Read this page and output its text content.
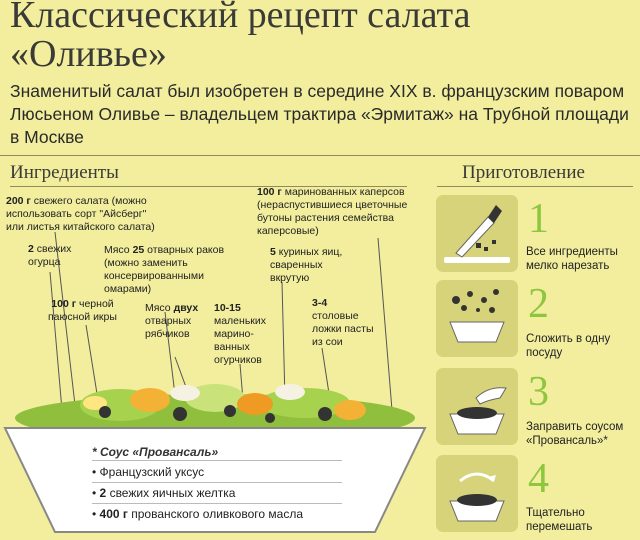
Классический рецепт салата
«Оливье»
Знаменитый салат был изобретен в середине XIX в. французским поваром Люсьеном Оливье – владельцем трактира «Эрмитаж» на Трубной площади в Москве
Ингредиенты	Приготовление
200 г свежего салата (можно
использовать сорт "Айсберг"
или листья китайского салата)
2 свежих
огурца
100 г черной
паюсной икры
Мясо 25 отварных раков
(можно заменить
консервированными
омарами)
Мясо двух
отварных
рябчиков
10-15
маленьких
марино-
ванных
огурчиков
100 г маринованных каперсов
(нераспустившиеся цветочные
бутоны растения семейства
каперсовые)
5 куриных яиц,
сваренных
вкрутую
3-4
столовые
ложки пасты
из сои
* Соус «Провансаль»
• Французский уксус
• 2 свежих яичных желтка
• 400 г прованского оливкового масла
1
Все ингредиенты
мелко нарезать
2
Сложить в одну
посуду
3
Заправить соусом
«Провансаль»*
4
Тщательно
перемешать
